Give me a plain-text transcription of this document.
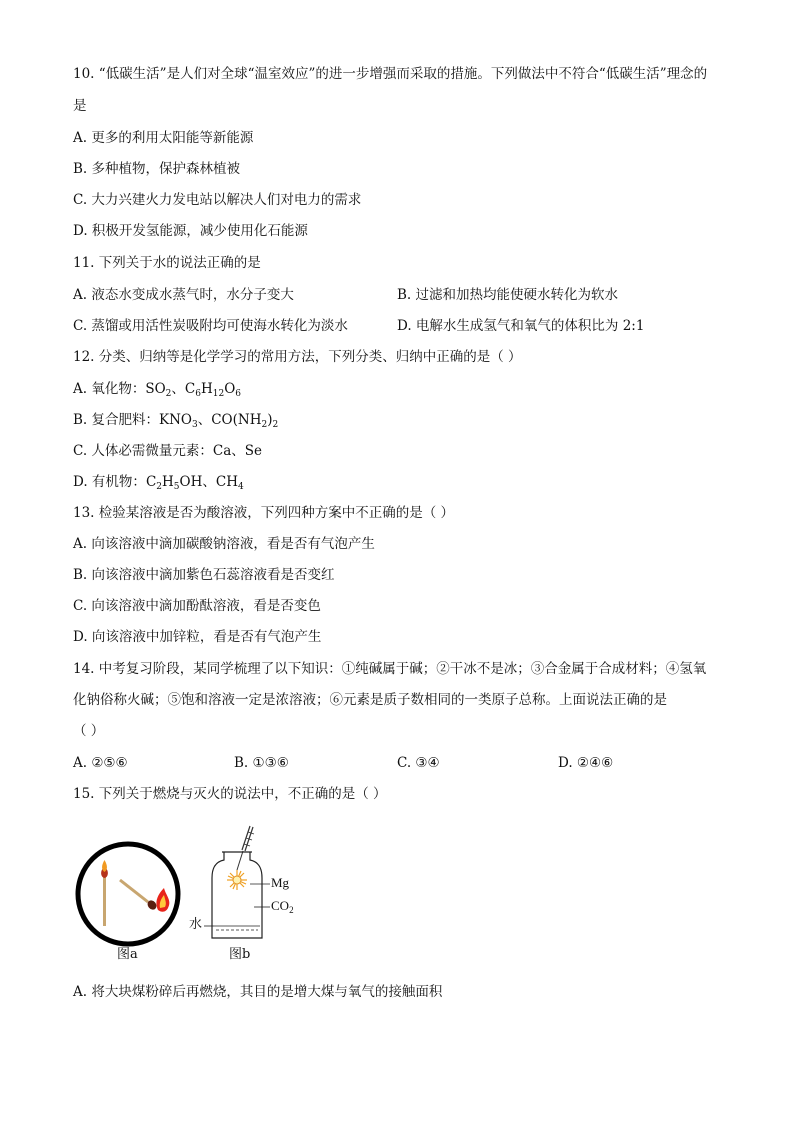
10. “低碳生活”是人们对全球“温室效应”的进一步增强而采取的措施。下列做法中不符合“低碳生活”理念的
是
A. 更多的利用太阳能等新能源
B. 多种植物，保护森林植被
C. 大力兴建火力发电站以解决人们对电力的需求
D. 积极开发氢能源，减少使用化石能源
11. 下列关于水的说法正确的是
A. 液态水变成水蒸气时，水分子变大	B. 过滤和加热均能使硬水转化为软水
C. 蒸馏或用活性炭吸附均可使海水转化为淡水	D. 电解水生成氢气和氧气的体积比为 2:1
12. 分类、归纳等是化学学习的常用方法，下列分类、归纳中正确的是（ ）
A. 氧化物：$SO_2$、$C_6H_{12}O_6$
B. 复合肥料：$KNO_3$、$CO(NH_2)_2$
C. 人体必需微量元素：Ca、Se
D. 有机物：$C_2H_5OH$、$CH_4$
13. 检验某溶液是否为酸溶液，下列四种方案中不正确的是（ ）
A. 向该溶液中滴加碳酸钠溶液，看是否有气泡产生
B. 向该溶液中滴加紫色石蕊溶液看是否变红
C. 向该溶液中滴加酚酞溶液，看是否变色
D. 向该溶液中加锌粒，看是否有气泡产生
14. 中考复习阶段，某同学梳理了以下知识：①纯碱属于碱；②干冰不是冰；③合金属于合成材料；④氢氧
化钠俗称火碱；⑤饱和溶液一定是浓溶液；⑥元素是质子数相同的一类原子总称。上面说法正确的是
（ ）
A. ②⑤⑥	B. ①③⑥	C. ③④	D. ②④⑥
15. 下列关于燃烧与灭火的说法中，不正确的是（ ）
图a
Mg
$CO_2$
水
图b
A. 将大块煤粉碎后再燃烧，其目的是增大煤与氧气的接触面积
